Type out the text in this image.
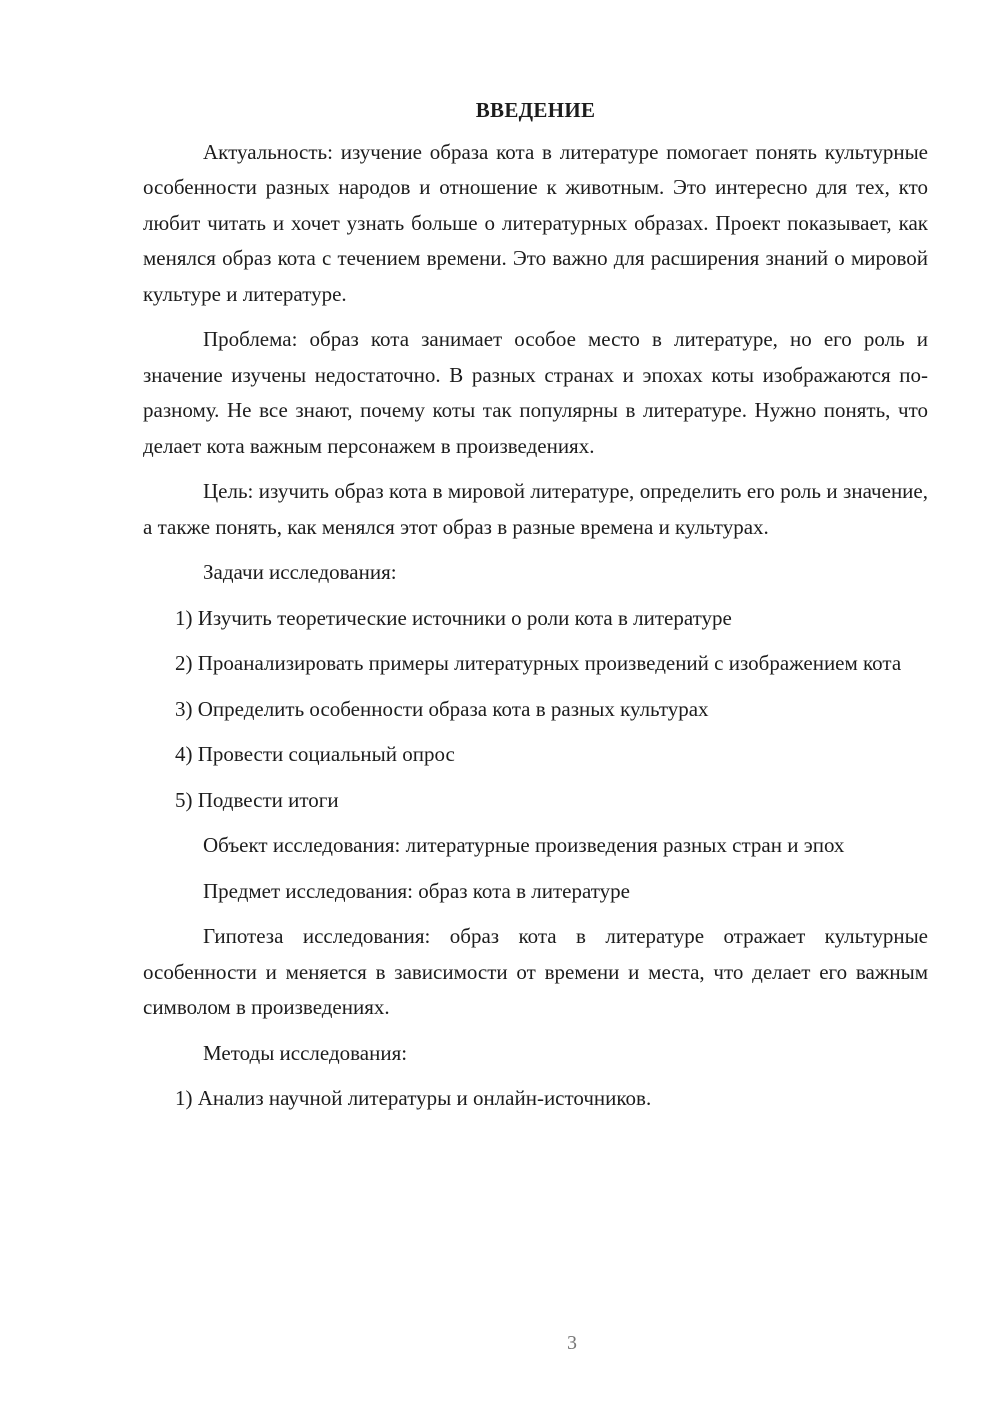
ВВЕДЕНИЕ

Актуальность: изучение образа кота в литературе помогает понять культурные особенности разных народов и отношение к животным. Это интересно для тех, кто любит читать и хочет узнать больше о литературных образах. Проект показывает, как менялся образ кота с течением времени. Это важно для расширения знаний о мировой культуре и литературе.

Проблема: образ кота занимает особое место в литературе, но его роль и значение изучены недостаточно. В разных странах и эпохах коты изображаются по-разному. Не все знают, почему коты так популярны в литературе. Нужно понять, что делает кота важным персонажем в произведениях.

Цель: изучить образ кота в мировой литературе, определить его роль и значение, а также понять, как менялся этот образ в разные времена и культурах.

Задачи исследования:

1) Изучить теоретические источники о роли кота в литературе

2) Проанализировать примеры литературных произведений с изображением кота

3) Определить особенности образа кота в разных культурах

4) Провести социальный опрос

5) Подвести итоги

Объект исследования: литературные произведения разных стран и эпох

Предмет исследования: образ кота в литературе

Гипотеза исследования: образ кота в литературе отражает культурные особенности и меняется в зависимости от времени и места, что делает его важным символом в произведениях.

Методы исследования:

1) Анализ научной литературы и онлайн-источников.

3
